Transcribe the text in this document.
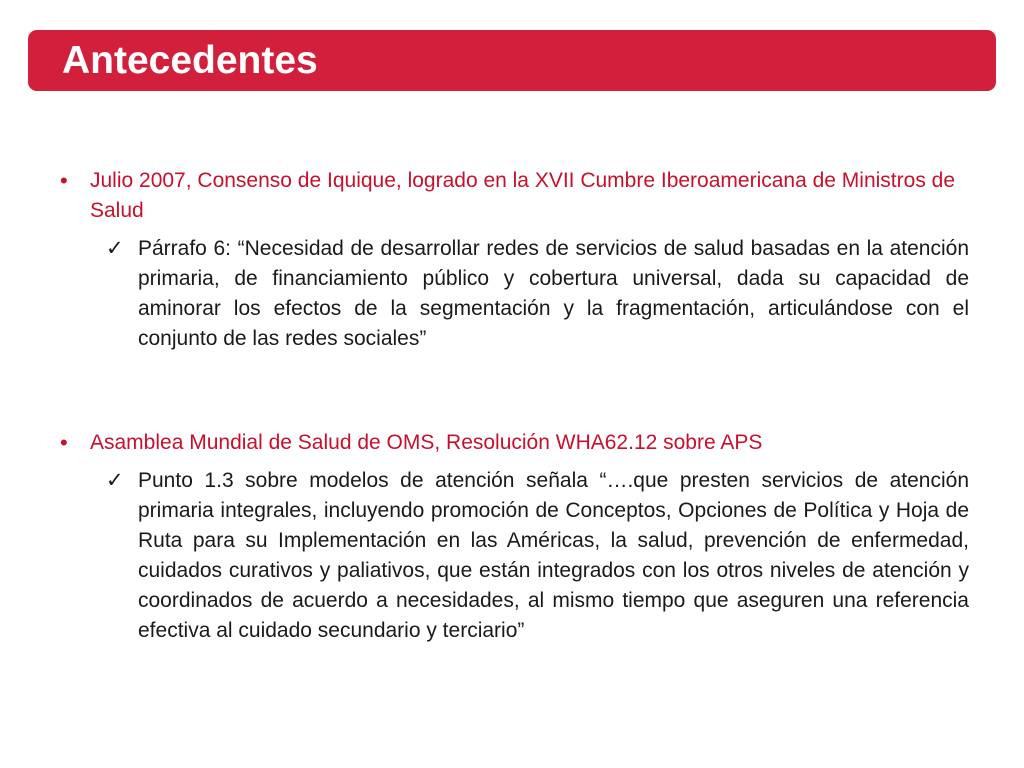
Antecedentes
•	Julio 2007, Consenso de Iquique, logrado en la XVII Cumbre Iberoamericana de Ministros de Salud
✓ Párrafo 6: “Necesidad de desarrollar redes de servicios de salud basadas en la atención primaria, de financiamiento público y cobertura universal, dada su capacidad de aminorar los efectos de la segmentación y la fragmentación, articulándose con el conjunto de las redes sociales”
•	Asamblea Mundial de Salud de OMS, Resolución WHA62.12 sobre APS
✓ Punto 1.3 sobre modelos de atención señala “….que presten servicios de atención primaria integrales, incluyendo promoción de Conceptos, Opciones de Política y Hoja de Ruta para su Implementación en las Américas, la salud, prevención de enfermedad, cuidados curativos y paliativos, que están integrados con los otros niveles de atención y coordinados de acuerdo a necesidades, al mismo tiempo que aseguren una referencia efectiva al cuidado secundario y terciario”
